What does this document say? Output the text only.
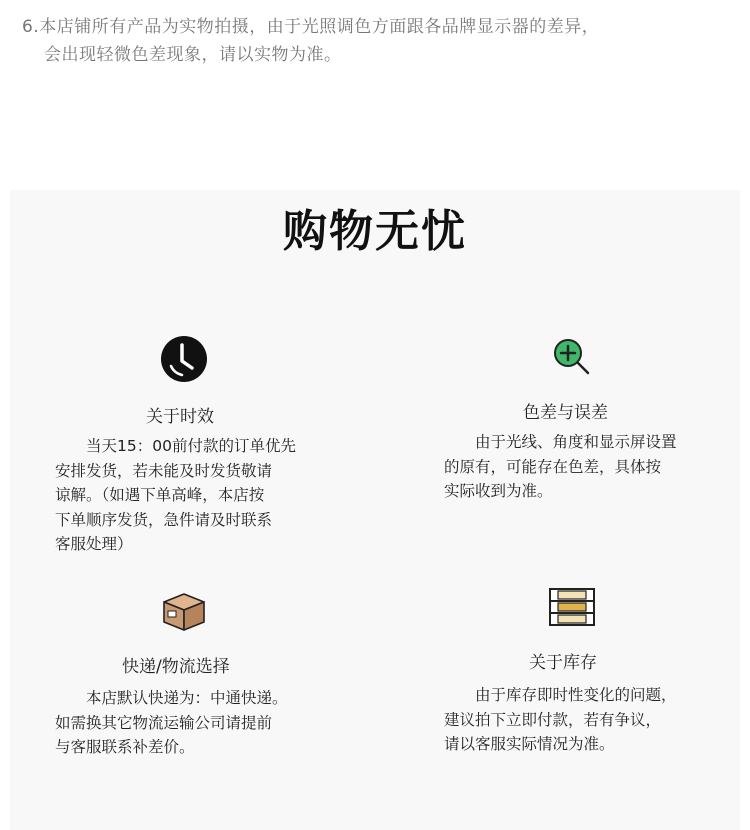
6.本店铺所有产品为实物拍摄，由于光照调色方面跟各品牌显示器的差异，
会出现轻微色差现象，请以实物为准。
购物无忧
关于时效
　　当天15：00前付款的订单优先
安排发货，若未能及时发货敬请
谅解。（如遇下单高峰，本店按
下单顺序发货，急件请及时联系
客服处理）
色差与误差
　　由于光线、角度和显示屏设置
的原有，可能存在色差，具体按
实际收到为准。
快递/物流选择
　　本店默认快递为：中通快递。
如需换其它物流运输公司请提前
与客服联系补差价。
关于库存
　　由于库存即时性变化的问题，
建议拍下立即付款，若有争议，
请以客服实际情况为准。
